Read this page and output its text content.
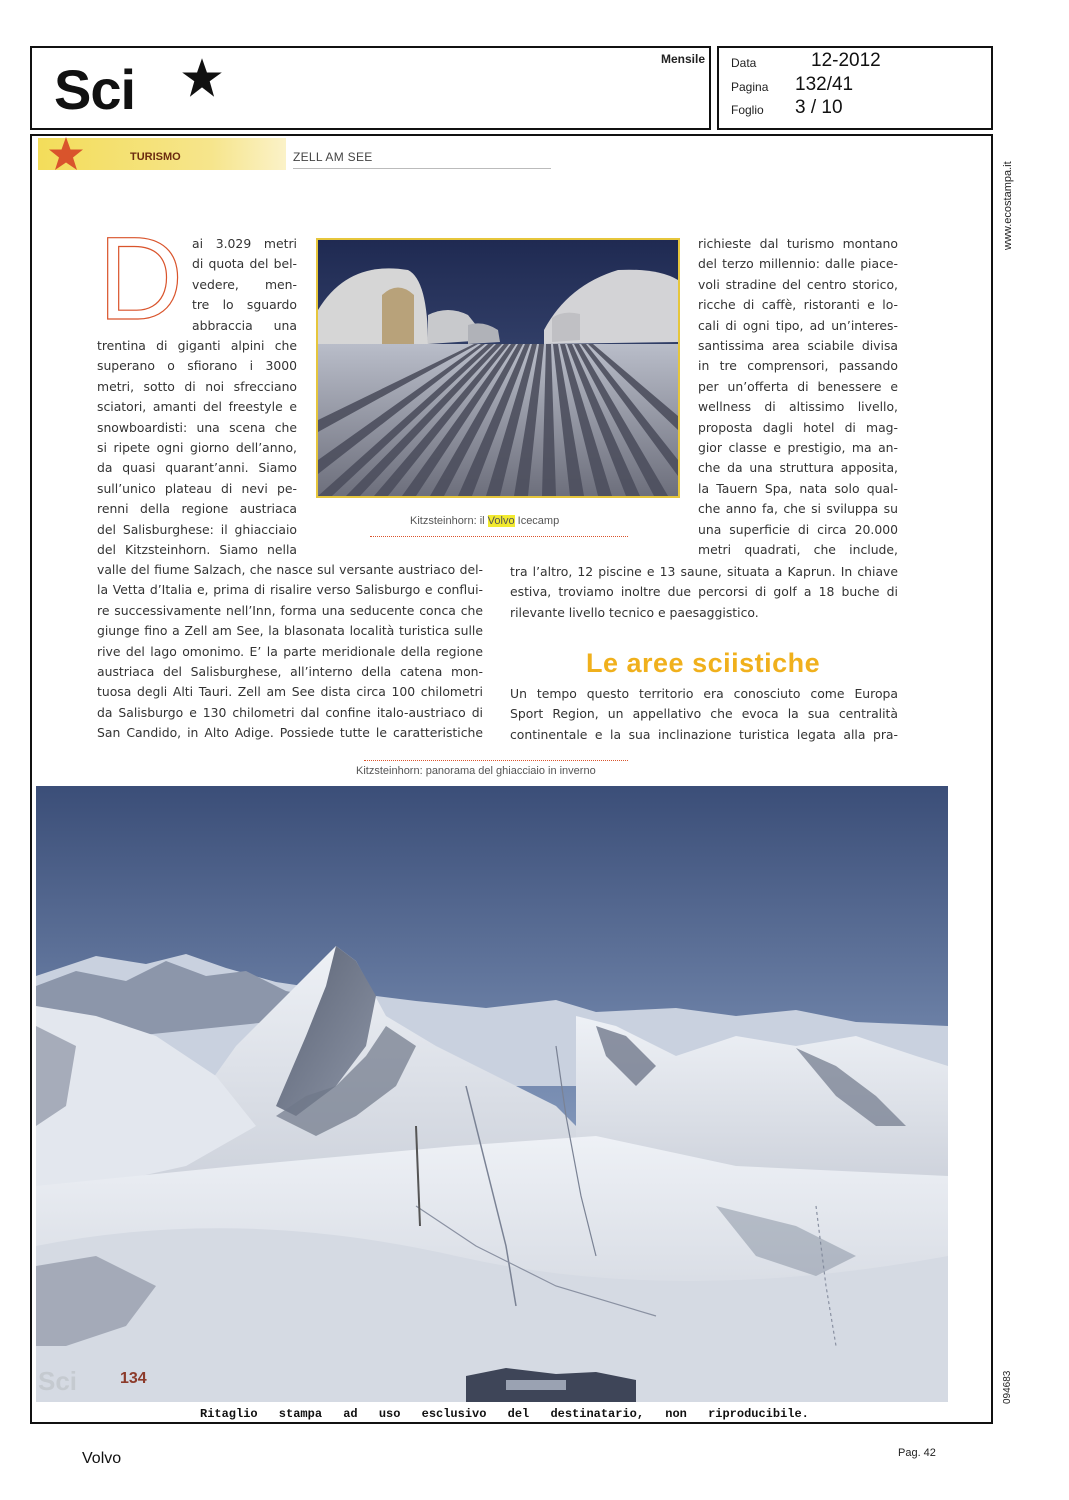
Sci	Mensile Data	12-2012
Pagina 132/41
Foglio 3 / 10
TURISMO	ZELL AM SEE
D ai 3.029 metri
di quota del bel-
vedere, men-
tre lo sguardo
abbraccia una
trentina di giganti alpini che
superano o sfiorano i 3000
metri, sotto di noi sfrecciano
sciatori, amanti del freestyle e
snowboardisti: una scena che
si ripete ogni giorno dell’anno,
da quasi quarant’anni. Siamo
sull’unico plateau di nevi pe-
renni della regione austriaca
del Salisburghese: il ghiacciaio
del Kitzsteinhorn. Siamo nella
valle del fiume Salzach, che nasce sul versante austriaco del-
la Vetta d’Italia e, prima di risalire verso Salisburgo e conflui-
re successivamente nell’Inn, forma una seducente conca che
giunge fino a Zell am See, la blasonata località turistica sulle
rive del lago omonimo. E’ la parte meridionale della regione
austriaca del Salisburghese, all’interno della catena mon-
tuosa degli Alti Tauri. Zell am See dista circa 100 chilometri
da Salisburgo e 130 chilometri dal confine italo-austriaco di
San Candido, in Alto Adige. Possiede tutte le caratteristiche
Kitzsteinhorn: il Volvo Icecamp
richieste dal turismo montano
del terzo millennio: dalle piace-
voli stradine del centro storico,
ricche di caffè, ristoranti e lo-
cali di ogni tipo, ad un’interes-
santissima area sciabile divisa
in tre comprensori, passando
per un’offerta di benessere e
wellness di altissimo livello,
proposta dagli hotel di mag-
gior classe e prestigio, ma an-
che da una struttura apposita,
la Tauern Spa, nata solo qual-
che anno fa, che si sviluppa su
una superficie di circa 20.000
metri quadrati, che include,
tra l’altro, 12 piscine e 13 saune, situata a Kaprun. In chiave
estiva, troviamo inoltre due percorsi di golf a 18 buche di
rilevante livello tecnico e paesaggistico.
Le aree sciistiche
Un tempo questo territorio era conosciuto come Europa
Sport Region, un appellativo che evoca la sua centralità
continentale e la sua inclinazione turistica legata alla pra-
Kitzsteinhorn: panorama del ghiacciaio in inverno
Sci	134
Ritaglio stampa ad uso esclusivo del destinatario, non riproducibile.
www.ecostampa.it
094683
Volvo	Pag. 42
